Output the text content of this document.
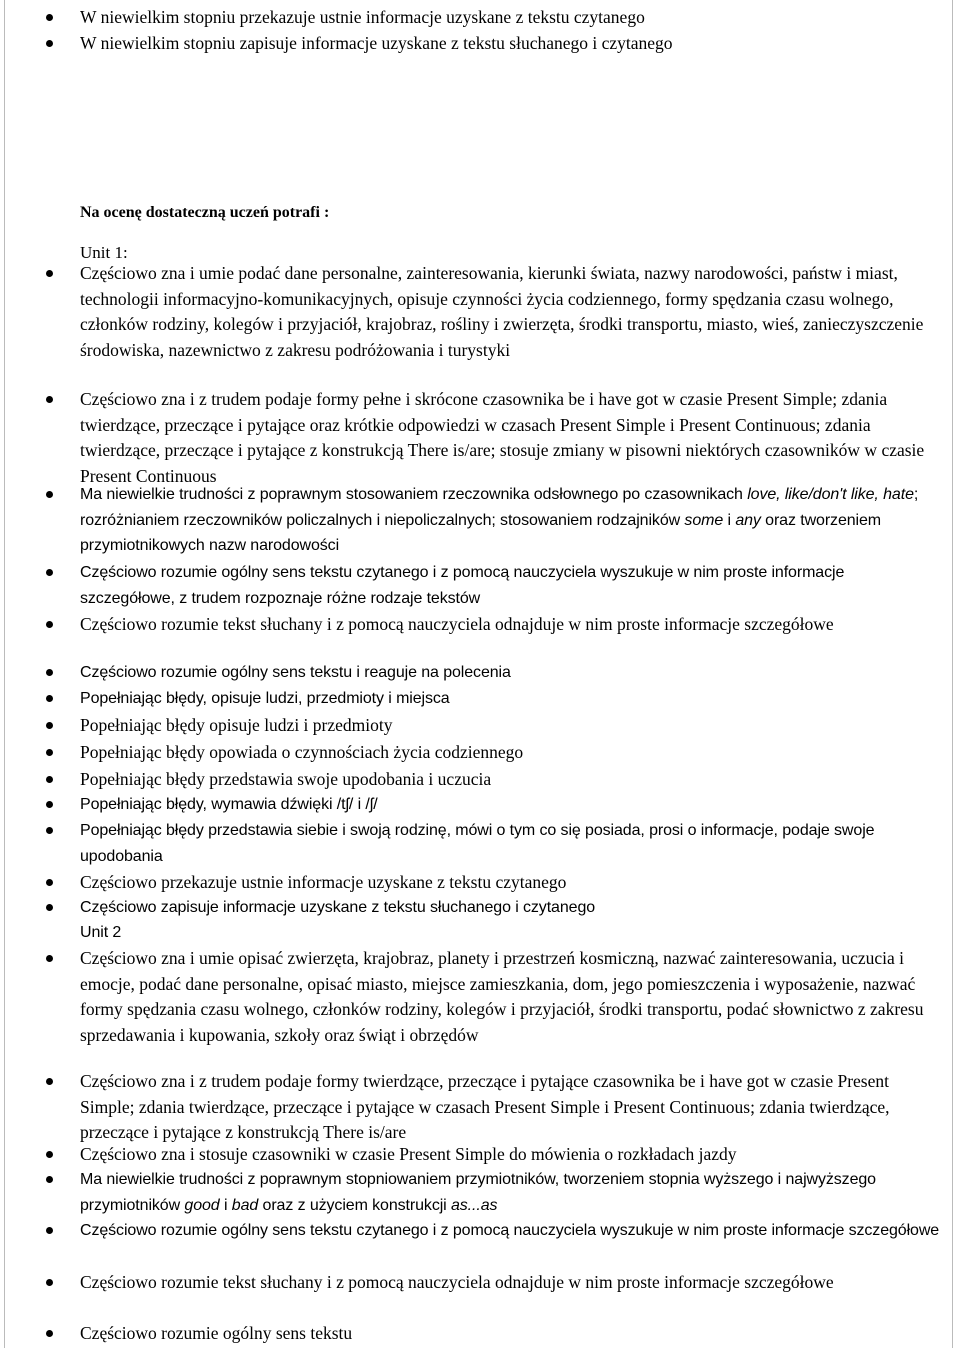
W niewielkim stopniu przekazuje ustnie informacje uzyskane z tekstu czytanego
W niewielkim stopniu zapisuje informacje uzyskane z tekstu słuchanego i czytanego
Na ocenę dostateczną uczeń potrafi :
Unit 1:
Częściowo zna i umie podać dane personalne, zainteresowania, kierunki świata, nazwy narodowości, państw i miast, technologii informacyjno-komunikacyjnych, opisuje czynności życia codziennego, formy spędzania czasu wolnego, członków rodziny, kolegów i przyjaciół, krajobraz, rośliny i zwierzęta, środki transportu, miasto, wieś, zanieczyszczenie środowiska, nazewnictwo z zakresu podróżowania i turystyki
Częściowo zna i z trudem podaje formy pełne i skrócone czasownika be i have got w czasie Present Simple; zdania twierdzące, przeczące i pytające oraz krótkie odpowiedzi w czasach Present Simple i Present Continuous; zdania twierdzące, przeczące i pytające z konstrukcją There is/are; stosuje zmiany w pisowni niektórych czasowników w czasie Present Continuous
Ma niewielkie trudności z poprawnym stosowaniem rzeczownika odsłownego po czasownikach love, like/don't like, hate; rozróżnianiem rzeczowników policzalnych i niepoliczalnych; stosowaniem rodzajników some i any oraz tworzeniem przymiotnikowych nazw narodowości
Częściowo rozumie ogólny sens tekstu czytanego i z pomocą nauczyciela wyszukuje w nim proste informacje szczegółowe, z trudem rozpoznaje różne rodzaje tekstów
Częściowo rozumie tekst słuchany i z pomocą nauczyciela odnajduje w nim proste informacje szczegółowe
Częściowo rozumie ogólny sens tekstu i reaguje na polecenia
Popełniając błędy, opisuje ludzi, przedmioty i miejsca
Popełniając błędy opisuje ludzi i przedmioty
Popełniając błędy opowiada o czynnościach życia codziennego
Popełniając błędy przedstawia swoje upodobania i uczucia
Popełniając błędy, wymawia dźwięki /tʃ/ i /ʃ/
Popełniając błędy przedstawia siebie i swoją rodzinę, mówi o tym co się posiada, prosi o informacje, podaje swoje upodobania
Częściowo przekazuje ustnie informacje uzyskane z tekstu czytanego
Częściowo zapisuje informacje uzyskane z tekstu słuchanego i czytanego
Unit 2
Częściowo zna i umie opisać zwierzęta, krajobraz, planety i przestrzeń kosmiczną, nazwać zainteresowania, uczucia i emocje, podać dane personalne, opisać miasto, miejsce zamieszkania, dom, jego pomieszczenia i wyposażenie, nazwać formy spędzania czasu wolnego, członków rodziny, kolegów i przyjaciół, środki transportu, podać słownictwo z zakresu sprzedawania i kupowania, szkoły oraz świąt i obrzędów
Częściowo zna i z trudem podaje formy twierdzące, przeczące i pytające czasownika be i have got w czasie Present Simple; zdania twierdzące, przeczące i pytające w czasach Present Simple i Present Continuous; zdania twierdzące, przeczące i pytające z konstrukcją There is/are
Częściowo zna i stosuje czasowniki w czasie Present Simple do mówienia o rozkładach jazdy
Ma niewielkie trudności z poprawnym stopniowaniem przymiotników, tworzeniem stopnia wyższego i najwyższego przymiotników good i bad oraz z użyciem konstrukcji as...as
Częściowo rozumie ogólny sens tekstu czytanego i z pomocą nauczyciela wyszukuje w nim proste informacje szczegółowe
Częściowo rozumie tekst słuchany i z pomocą nauczyciela odnajduje w nim proste informacje szczegółowe
Częściowo rozumie ogólny sens tekstu
